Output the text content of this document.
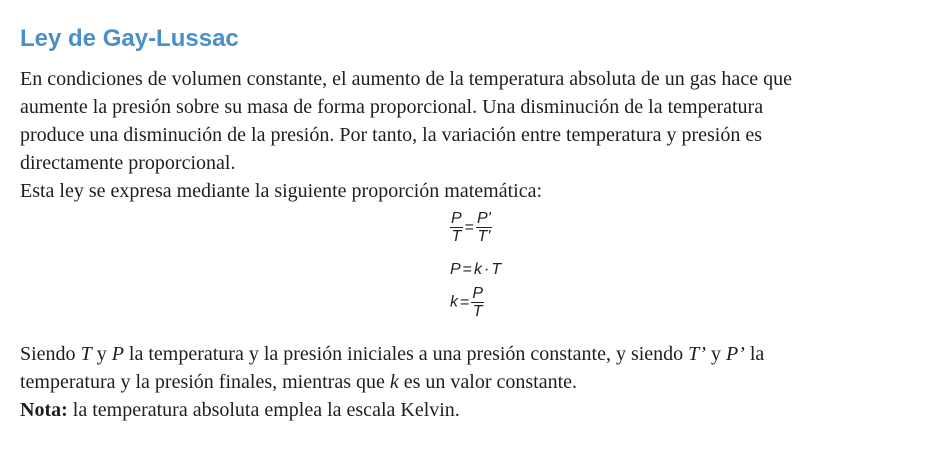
Ley de Gay-Lussac
En condiciones de volumen constante, el aumento de la temperatura absoluta de un gas hace que
aumente la presión sobre su masa de forma proporcional. Una disminución de la temperatura
produce una disminución de la presión. Por tanto, la variación entre temperatura y presión es
directamente proporcional.
Esta ley se expresa mediante la siguiente proporción matemática:
$\frac{P}{T} = \frac{P'}{T'}$
P = k · T
$k = \frac{P}{T}$
Siendo T y P la temperatura y la presión iniciales a una presión constante, y siendo T’ y P’ la
temperatura y la presión finales, mientras que k es un valor constante.
Nota: la temperatura absoluta emplea la escala Kelvin.
